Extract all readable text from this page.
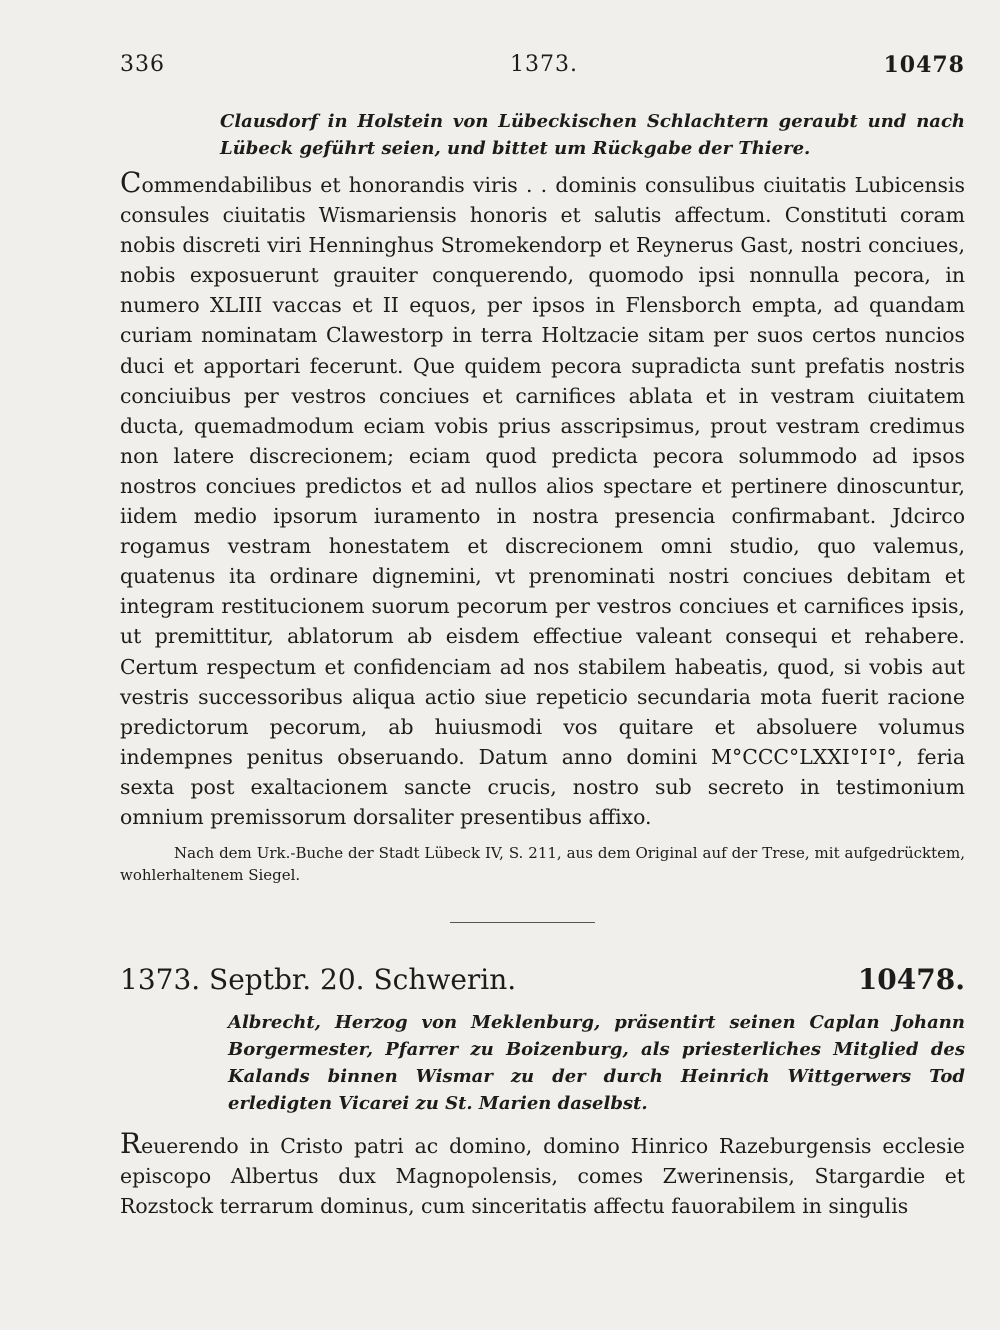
336	1373.	10478

Clausdorf in Holstein von Lübeckischen Schlachtern geraubt und nach Lübeck geführt seien, und bittet um Rückgabe der Thiere.

Commendabilibus et honorandis viris . . dominis consulibus ciuitatis Lubicensis consules ciuitatis Wismariensis honoris et salutis affectum. Constituti coram nobis discreti viri Henninghus Stromekendorp et Reynerus Gast, nostri conciues, nobis exposuerunt grauiter conquerendo, quomodo ipsi nonnulla pecora, in numero XLIII vaccas et II equos, per ipsos in Flensborch empta, ad quandam curiam nominatam Clawestorp in terra Holtzacie sitam per suos certos nuncios duci et apportari fecerunt. Que quidem pecora supradicta sunt prefatis nostris conciuibus per vestros conciues et carnifices ablata et in vestram ciuitatem ducta, quemadmodum eciam vobis prius asscripsimus, prout vestram credimus non latere discrecionem; eciam quod predicta pecora solummodo ad ipsos nostros conciues predictos et ad nullos alios spectare et pertinere dinoscuntur, iidem medio ipsorum iuramento in nostra presencia confirmabant. Jdcirco rogamus vestram honestatem et discrecionem omni studio, quo valemus, quatenus ita ordinare dignemini, vt prenominati nostri conciues debitam et integram restitucionem suorum pecorum per vestros conciues et carnifices ipsis, ut premittitur, ablatorum ab eisdem effectiue valeant consequi et rehabere. Certum respectum et confidenciam ad nos stabilem habeatis, quod, si vobis aut vestris successoribus aliqua actio siue repeticio secundaria mota fuerit racione predictorum pecorum, ab huiusmodi vos quitare et absoluere volumus indempnes penitus obseruando. Datum anno domini M°CCC°LXXI°I°I°, feria sexta post exaltacionem sancte crucis, nostro sub secreto in testimonium omnium premissorum dorsaliter presentibus affixo.

Nach dem Urk.-Buche der Stadt Lübeck IV, S. 211, aus dem Original auf der Trese, mit aufgedrücktem, wohlerhaltenem Siegel.

1373. Septbr. 20. Schwerin.	10478.

Albrecht, Herzog von Meklenburg, präsentirt seinen Caplan Johann Borgermester, Pfarrer zu Boizenburg, als priesterliches Mitglied des Kalands binnen Wismar zu der durch Heinrich Wittgerwers Tod erledigten Vicarei zu St. Marien daselbst.

Reuerendo in Cristo patri ac domino, domino Hinrico Razeburgensis ecclesie episcopo Albertus dux Magnopolensis, comes Zwerinensis, Stargardie et Rozstock terrarum dominus, cum sinceritatis affectu fauorabilem in singulis
